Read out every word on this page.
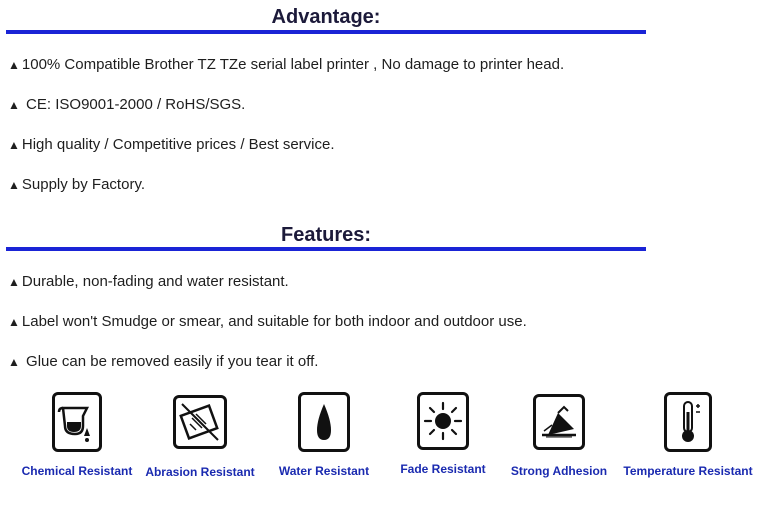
Advantage:
▲ 100% Compatible Brother TZ TZe serial label printer , No damage to printer head.
▲ CE: ISO9001-2000 / RoHS/SGS.
▲ High quality / Competitive prices / Best service.
▲ Supply by Factory.
Features:
▲ Durable, non-fading and water resistant.
▲ Label won't Smudge or smear, and suitable for both indoor and outdoor use.
▲ Glue can be removed easily if you tear it off.
Chemical Resistant	Abrasion Resistant	Water Resistant	Fade Resistant	Strong Adhesion	Temperature Resistant
